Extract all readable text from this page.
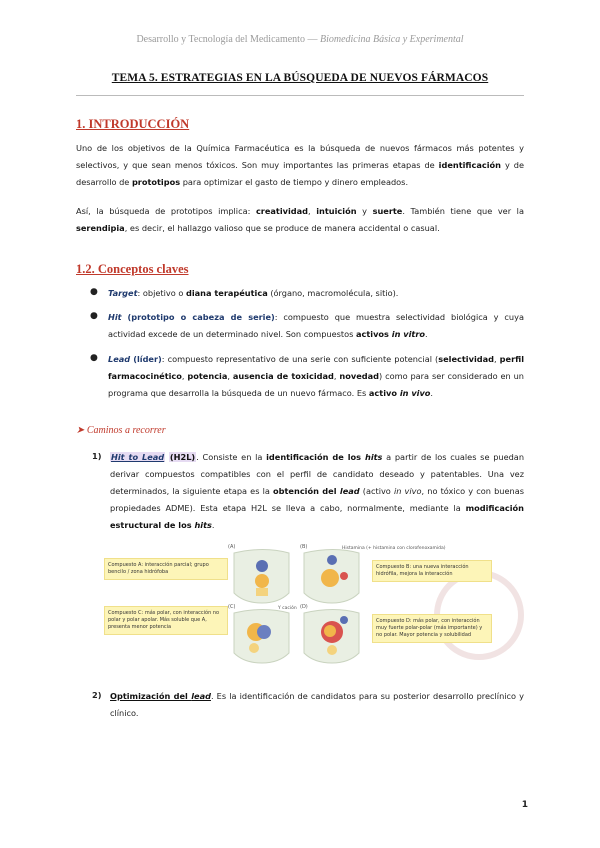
Desarrollo y Tecnología del Medicamento — Biomedicina Básica y Experimental
TEMA 5. ESTRATEGIAS EN LA BÚSQUEDA DE NUEVOS FÁRMACOS
1. INTRODUCCIÓN
Uno de los objetivos de la Química Farmacéutica es la búsqueda de nuevos fármacos más potentes y selectivos, y que sean menos tóxicos. Son muy importantes las primeras etapas de identificación y de desarrollo de prototipos para optimizar el gasto de tiempo y dinero empleados.
Así, la búsqueda de prototipos implica: creatividad, intuición y suerte. También tiene que ver la serendipia, es decir, el hallazgo valioso que se produce de manera accidental o casual.
1.2. Conceptos claves
● Target: objetivo o diana terapéutica (órgano, macromolécula, sitio).
● Hit (prototipo o cabeza de serie): compuesto que muestra selectividad biológica y cuya actividad excede de un determinado nivel. Son compuestos activos in vitro.
● Lead (líder): compuesto representativo de una serie con suficiente potencial (selectividad, perfil farmacocinético, potencia, ausencia de toxicidad, novedad) como para ser considerado en un programa que desarrolla la búsqueda de un nuevo fármaco. Es activo in vivo.
➤ Caminos a recorrer
1) Hit to Lead (H2L). Consiste en la identificación de los hits a partir de los cuales se puedan derivar compuestos compatibles con el perfil de candidato deseado y patentables. Una vez determinados, la siguiente etapa es la obtención del lead (activo in vivo, no tóxico y con buenas propiedades ADME). Esta etapa H2L se lleva a cabo, normalmente, mediante la modificación estructural de los hits.
(A)	(B)
(C)	(D)
Histamina (+ histamina con clorofenoxamida)
Y cación
Compuesto A: interacción parcial; grupo bencilo / zona hidrófoba
Compuesto C: más polar, con interacción no polar y polar apolar. Más soluble que A, presenta menor potencia
Compuesto B: una nueva interacción hidrófila, mejora la interacción
Compuesto D: más polar, con interacción muy fuerte polar-polar (más importante) y no polar. Mayor potencia y solubilidad
2) Optimización del lead. Es la identificación de candidatos para su posterior desarrollo preclínico y clínico.
1
